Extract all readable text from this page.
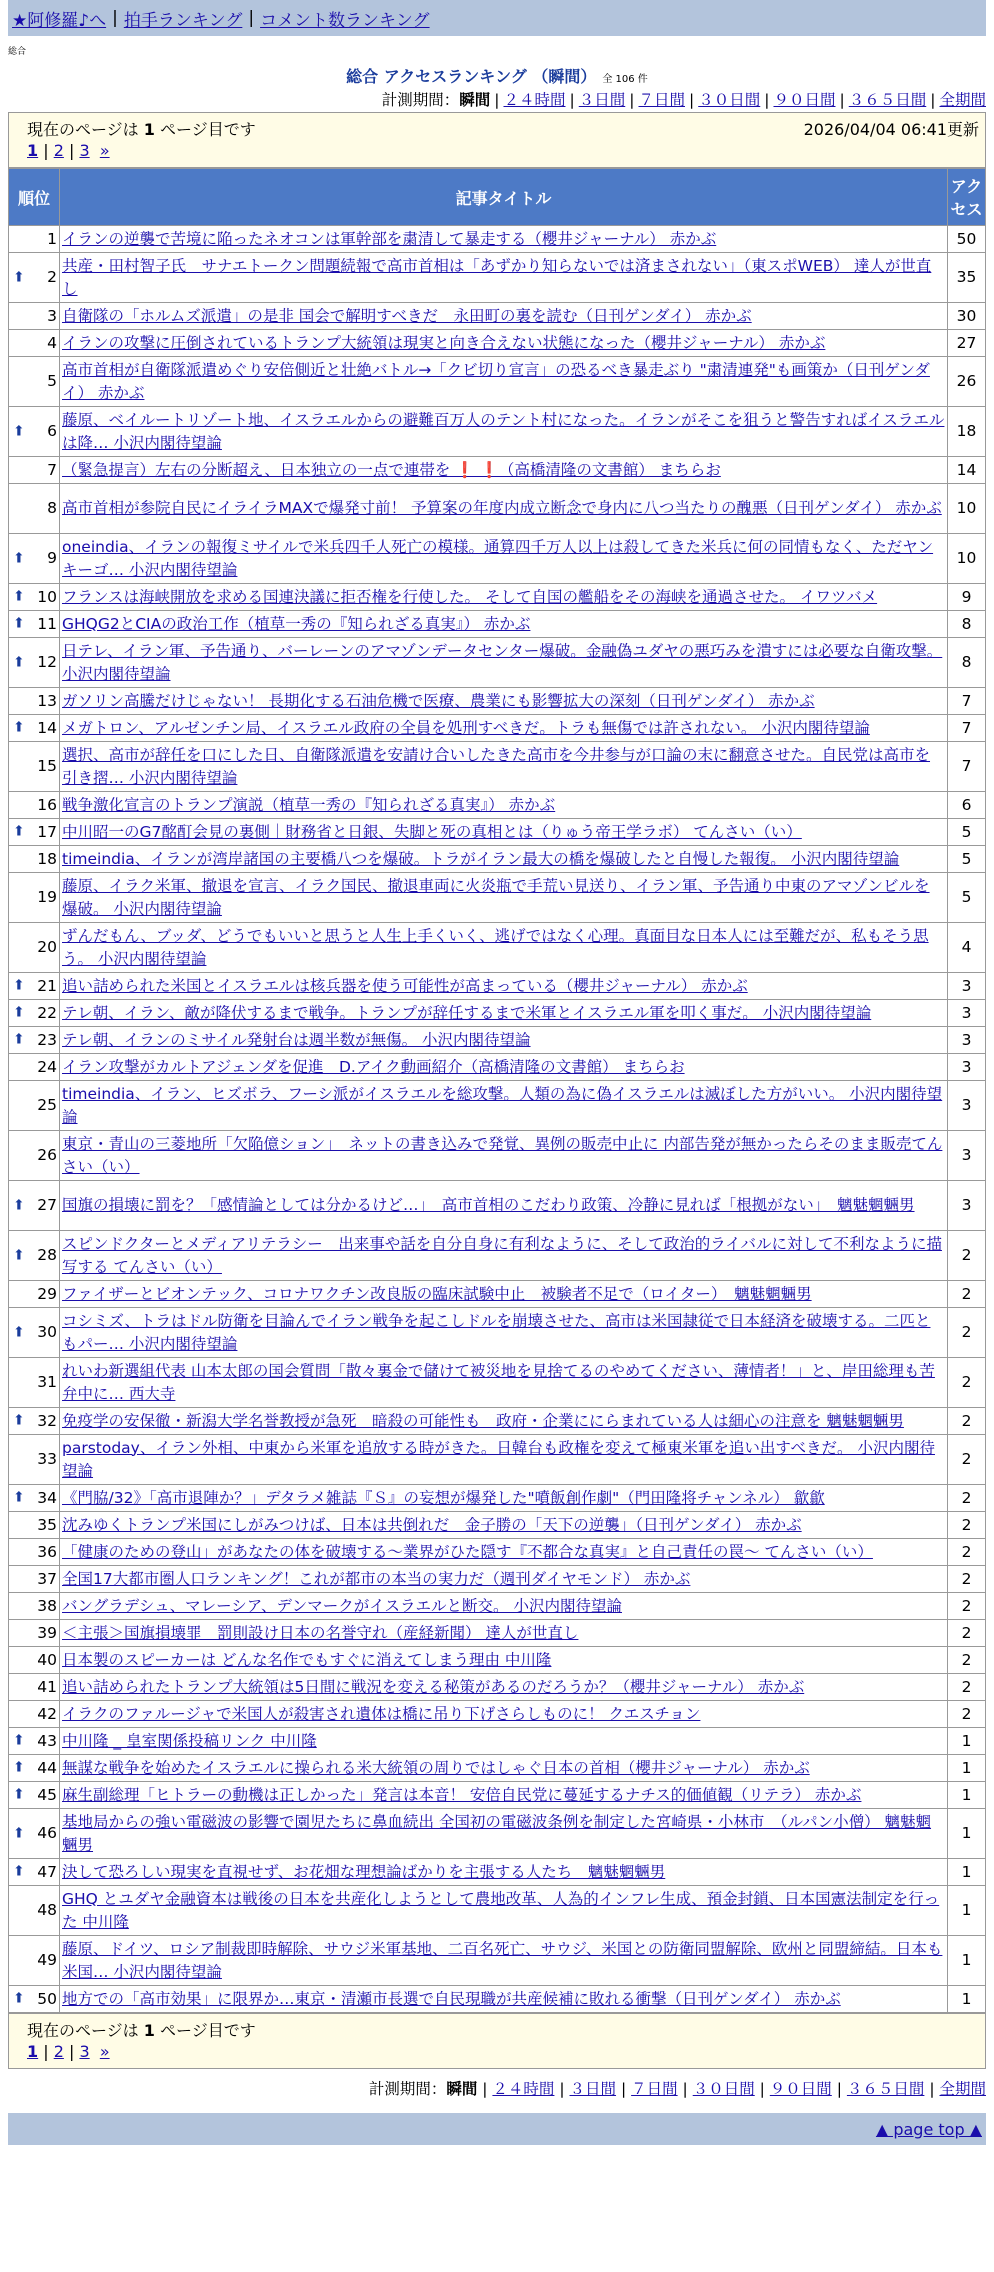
★阿修羅♪へ | 拍手ランキング | コメント数ランキング
総合
総合 アクセスランキング （瞬間） 全 106 件
計測期間：瞬間 | ２４時間 | ３日間 | ７日間 | ３０日間 | ９０日間 | ３６５日間 | 全期間
現在のページは 1 ページ目です	2026/04/04 06:41更新
1 | 2 | 3 »
順位	記事タイトル	アクセス
1	イランの逆襲で苦境に陥ったネオコンは軍幹部を粛清して暴走する（櫻井ジャーナル） 赤かぶ	50

⬆ 2	共産・田村智子氏　サナエトークン問題続報で高市首相は「あずかり知らないでは済まされない」（東スポWEB） 達人が世直し	35
3	自衛隊の「ホルムズ派遣」の是非 国会で解明すべきだ　永田町の裏を読む（日刊ゲンダイ） 赤かぶ	30
4	イランの攻撃に圧倒されているトランプ大統領は現実と向き合えない状態になった（櫻井ジャーナル） 赤かぶ	27
5	高市首相が自衛隊派遣めぐり安倍側近と壮絶バトル→「クビ切り宣言」の恐るべき暴走ぶり "粛清連発"も画策か（日刊ゲンダイ） 赤かぶ	26

⬆ 6	藤原、ベイルートリゾート地、イスラエルからの避難百万人のテント村になった。イランがそこを狙うと警告すればイスラエルは降… 小沢内閣待望論	18
7	（緊急提言）左右の分断超え、日本独立の一点で連帯を ❗ ❗（高橋清隆の文書館） まちらお	14
8	高市首相が参院自民にイライラMAXで爆発寸前！ 予算案の年度内成立断念で身内に八つ当たりの醜悪（日刊ゲンダイ） 赤かぶ	10

⬆ 9	oneindia、イランの報復ミサイルで米兵四千人死亡の模様。通算四千万人以上は殺してきた米兵に何の同情もなく、ただヤンキーゴ… 小沢内閣待望論	10

⬆ 10	フランスは海峡開放を求める国連決議に拒否権を行使した。 そして自国の艦船をその海峡を通過させた。 イワツバメ	9

⬆ 11	GHQG2とCIAの政治工作（植草一秀の『知られざる真実』） 赤かぶ	8

⬆ 12	日テレ、イラン軍、予告通り、バーレーンのアマゾンデータセンター爆破。金融偽ユダヤの悪巧みを潰すには必要な自衛攻撃。 小沢内閣待望論	8
13	ガソリン高騰だけじゃない！ 長期化する石油危機で医療、農業にも影響拡大の深刻（日刊ゲンダイ） 赤かぶ	7

⬆ 14	メガトロン、アルゼンチン局、イスラエル政府の全員を処刑すべきだ。トラも無傷では許されない。 小沢内閣待望論	7
15	選択、高市が辞任を口にした日、自衛隊派遣を安請け合いしたきた高市を今井参与が口論の末に翻意させた。自民党は高市を引き摺… 小沢内閣待望論	7
16	戦争激化宣言のトランプ演説（植草一秀の『知られざる真実』） 赤かぶ	6

⬆ 17	中川昭一のG7酩酊会見の裏側｜財務省と日銀、失脚と死の真相とは（りゅう帝王学ラボ） てんさい（い）	5
18	timeindia、イランが湾岸諸国の主要橋八つを爆破。トラがイラン最大の橋を爆破したと自慢した報復。 小沢内閣待望論	5
19	藤原、イラク米軍、撤退を宣言、イラク国民、撤退車両に火炎瓶で手荒い見送り、イラン軍、予告通り中東のアマゾンビルを爆破。 小沢内閣待望論	5
20	ずんだもん、ブッダ、どうでもいいと思うと人生上手くいく、逃げではなく心理。真面目な日本人には至難だが、私もそう思う。 小沢内閣待望論	4

⬆ 21	追い詰められた米国とイスラエルは核兵器を使う可能性が高まっている（櫻井ジャーナル） 赤かぶ	3

⬆ 22	テレ朝、イラン、敵が降伏するまで戦争。トランプが辞任するまで米軍とイスラエル軍を叩く事だ。 小沢内閣待望論	3

⬆ 23	テレ朝、イランのミサイル発射台は週半数が無傷。 小沢内閣待望論	3
24	イラン攻撃がカルトアジェンダを促進　D.アイク動画紹介（高橋清隆の文書館） まちらお	3
25	timeindia、イラン、ヒズボラ、フーシ派がイスラエルを総攻撃。人類の為に偽イスラエルは滅ぼした方がいい。 小沢内閣待望論	3
26	東京・青山の三菱地所「欠陥億ション」　ネットの書き込みで発覚、異例の販売中止に 内部告発が無かったらそのまま販売てんさい（い）	3

⬆ 27	国旗の損壊に罰を？「感情論としては分かるけど…」　高市首相のこだわり政策、冷静に見れば「根拠がない」　魑魅魍魎男	3

⬆ 28	スピンドクターとメディアリテラシー　出来事や話を自分自身に有利なように、そして政治的ライバルに対して不利なように描写する てんさい（い）	2
29	ファイザーとビオンテック、コロナワクチン改良版の臨床試験中止　被験者不足で（ロイター）　魑魅魍魎男	2

⬆ 30	コシミズ、トラはドル防衛を目論んでイラン戦争を起こしドルを崩壊させた、高市は米国隷従で日本経済を破壊する。二匹ともパー… 小沢内閣待望論	2
31	れいわ新選組代表 山本太郎の国会質問「散々裏金で儲けて被災地を見捨てるのやめてください、薄情者！」と、岸田総理も苦弁中に… 西大寺	2

⬆ 32	免疫学の安保徹・新潟大学名誉教授が急死　暗殺の可能性も　政府・企業ににらまれている人は細心の注意を 魑魅魍魎男	2
33	parstoday、イラン外相、中東から米軍を追放する時がきた。日韓台も政権を変えて極東米軍を追い出すべきだ。 小沢内閣待望論	2

⬆ 34	《門脇/32》「高市退陣か？」デタラメ雑誌『Ｓ』の妄想が爆発した"噴飯創作劇"（門田隆将チャンネル） 歙歙	2
35	沈みゆくトランプ米国にしがみつけば、日本は共倒れだ　金子勝の「天下の逆襲」（日刊ゲンダイ） 赤かぶ	2
36	「健康のための登山」があなたの体を破壊する〜業界がひた隠す『不都合な真実』と自己責任の罠〜 てんさい（い）	2
37	全国17大都市圏人口ランキング！これが都市の本当の実力だ（週刊ダイヤモンド） 赤かぶ	2
38	バングラデシュ、マレーシア、デンマークがイスラエルと断交。 小沢内閣待望論	2
39	＜主張＞国旗損壊罪　罰則設け日本の名誉守れ（産経新聞） 達人が世直し	2
40	日本製のスピーカーは どんな名作でもすぐに消えてしまう理由 中川隆	2
41	追い詰められたトランプ大統領は5日間に戦況を変える秘策があるのだろうか？（櫻井ジャーナル） 赤かぶ	2
42	イラクのファルージャで米国人が殺害され遺体は橋に吊り下げさらしものに！ クエスチョン	2

⬆ 43	中川隆 _ 皇室関係投稿リンク 中川隆	1

⬆ 44	無謀な戦争を始めたイスラエルに操られる米大統領の周りではしゃぐ日本の首相（櫻井ジャーナル） 赤かぶ	1

⬆ 45	麻生副総理「ヒトラーの動機は正しかった」発言は本音！ 安倍自民党に蔓延するナチス的価値観（リテラ） 赤かぶ	1

⬆ 46	基地局からの強い電磁波の影響で園児たちに鼻血続出 全国初の電磁波条例を制定した宮崎県・小林市　（ルパン小僧） 魑魅魍魎男	1

⬆ 47	決して恐ろしい現実を直視せず、お花畑な理想論ばかりを主張する人たち　魑魅魍魎男	1
48	GHQ とユダヤ金融資本は戦後の日本を共産化しようとして農地改革、人為的インフレ生成、預金封鎖、日本国憲法制定を行った 中川隆	1
49	藤原、ドイツ、ロシア制裁即時解除、サウジ米軍基地、二百名死亡、サウジ、米国との防衛同盟解除、欧州と同盟締結。日本も米国… 小沢内閣待望論	1

⬆ 50	地方での「高市効果」に限界か…東京・清瀬市長選で自民現職が共産候補に敗れる衝撃（日刊ゲンダイ） 赤かぶ	1
現在のページは 1 ページ目です
1 | 2 | 3 »
計測期間：瞬間 | ２４時間 | ３日間 | ７日間 | ３０日間 | ９０日間 | ３６５日間 | 全期間
▲ page top ▲
